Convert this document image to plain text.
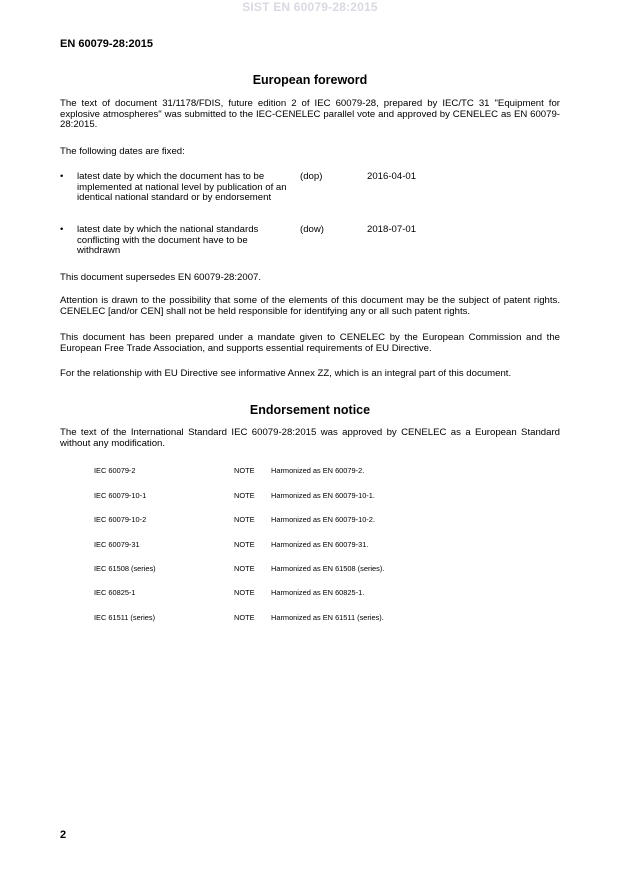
SIST EN 60079-28:2015
EN 60079-28:2015
European foreword
The text of document 31/1178/FDIS, future edition 2 of IEC 60079-28, prepared by IEC/TC 31 "Equipment for explosive atmospheres" was submitted to the IEC-CENELEC parallel vote and approved by CENELEC as EN 60079-28:2015.
The following dates are fixed:
• latest date by which the document has to be implemented at national level by publication of an identical national standard or by endorsement
(dop)	2016-04-01
• latest date by which the national standards conflicting with the document have to be withdrawn
(dow)	2018-07-01
This document supersedes EN 60079-28:2007.
Attention is drawn to the possibility that some of the elements of this document may be the subject of patent rights. CENELEC [and/or CEN] shall not be held responsible for identifying any or all such patent rights.
This document has been prepared under a mandate given to CENELEC by the European Commission and the European Free Trade Association, and supports essential requirements of EU Directive.
For the relationship with EU Directive see informative Annex ZZ, which is an integral part of this document.
Endorsement notice
The text of the International Standard IEC 60079-28:2015 was approved by CENELEC as a European Standard without any modification.
IEC 60079-2	NOTE Harmonized as EN 60079-2.
IEC 60079-10-1	NOTE Harmonized as EN 60079-10-1.
IEC 60079-10-2	NOTE Harmonized as EN 60079-10-2.
IEC 60079-31	NOTE Harmonized as EN 60079-31.
IEC 61508 (series)	NOTE Harmonized as EN 61508 (series).
IEC 60825-1	NOTE Harmonized as EN 60825-1.
IEC 61511 (series)	NOTE Harmonized as EN 61511 (series).
2
